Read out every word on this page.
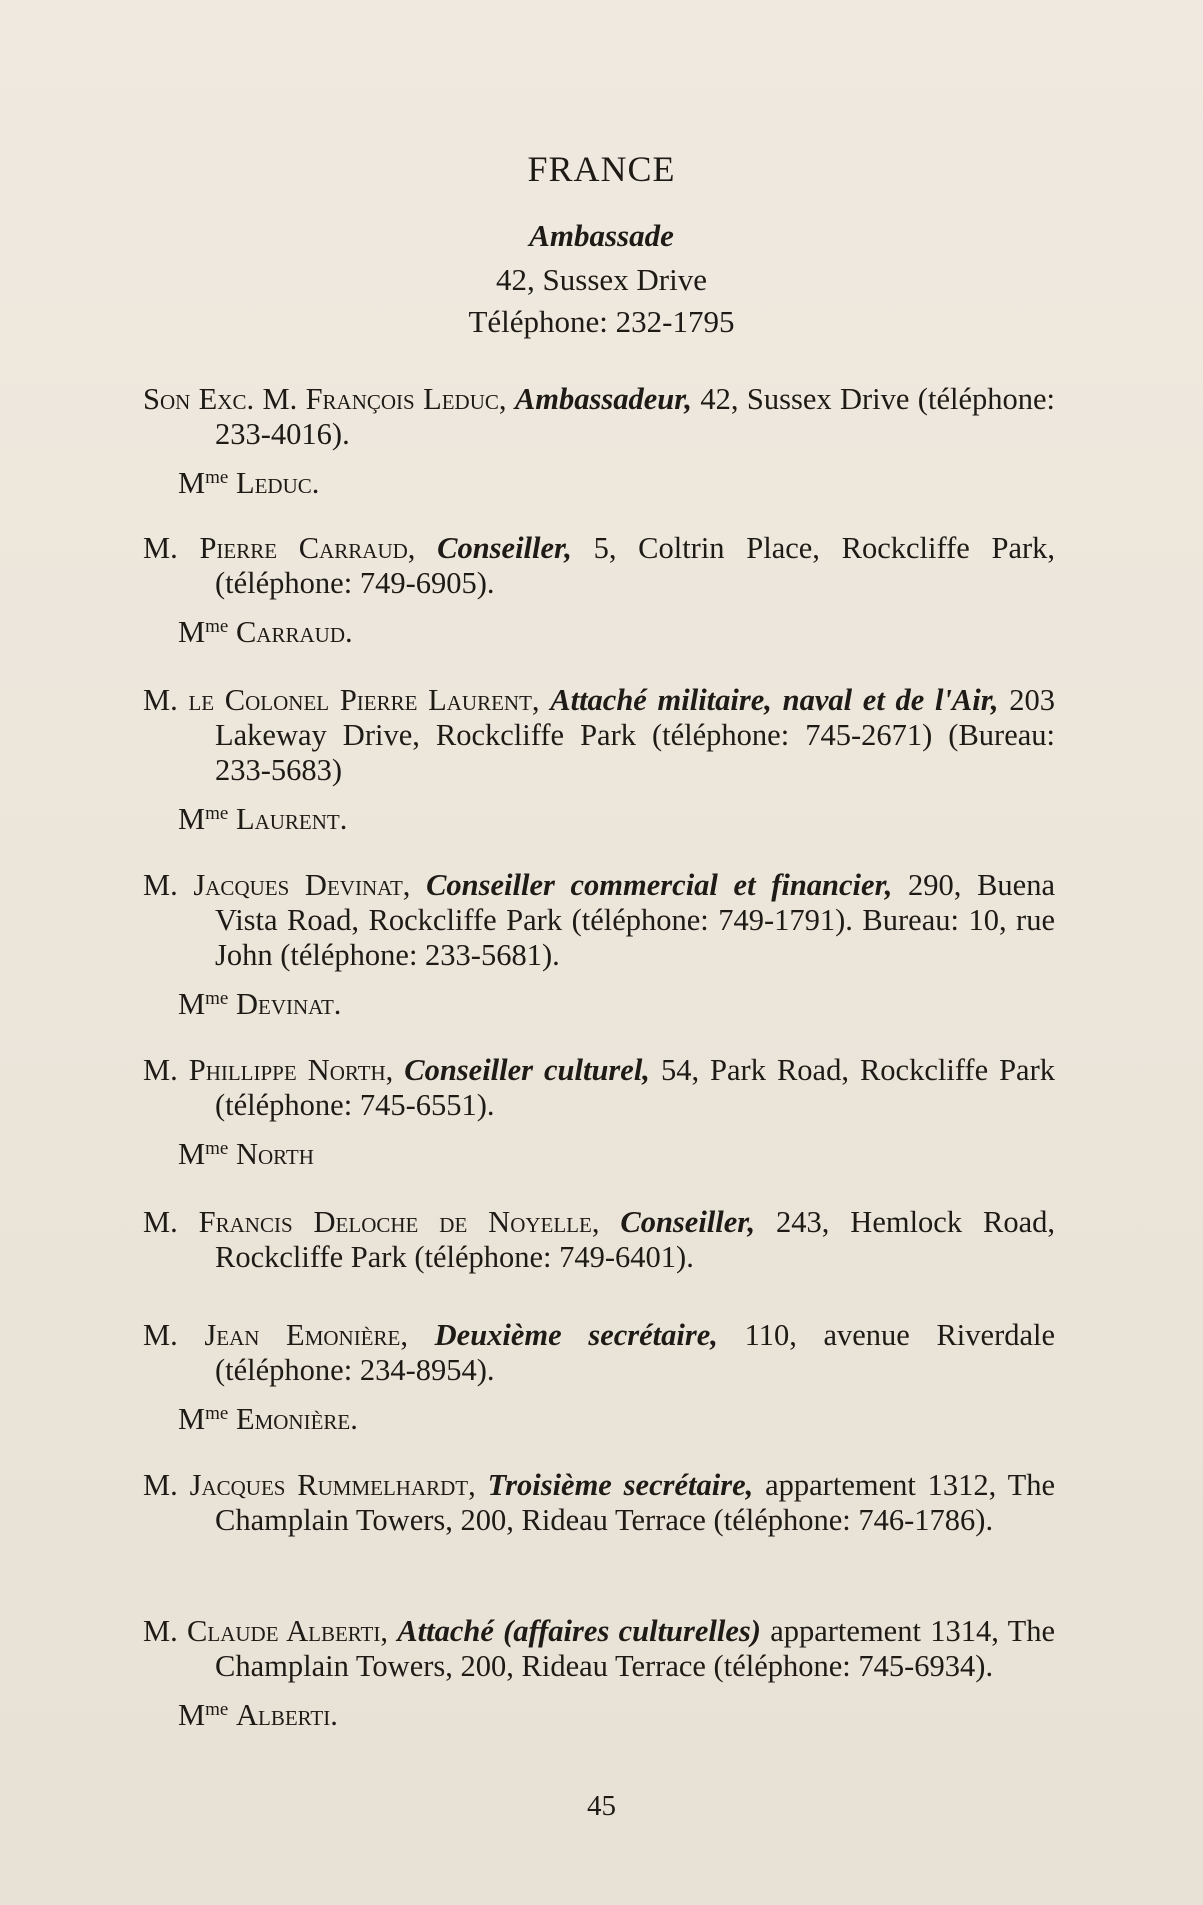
FRANCE
Ambassade
42, Sussex Drive
Téléphone: 232-1795
Son Exc. M. François Leduc, Ambassadeur, 42, Sussex Drive (téléphone: 233-4016).
$M^{me}$ Leduc.
M. Pierre Carraud, Conseiller, 5, Coltrin Place, Rockcliffe Park, (téléphone: 749-6905).
$M^{me}$ Carraud.
M. le Colonel Pierre Laurent, Attaché militaire, naval et de l'Air, 203 Lakeway Drive, Rockcliffe Park (téléphone: 745-2671) (Bureau: 233-5683)
$M^{me}$ Laurent.
M. Jacques Devinat, Conseiller commercial et financier, 290, Buena Vista Road, Rockcliffe Park (téléphone: 749-1791). Bureau: 10, rue John (téléphone: 233-5681).
$M^{me}$ Devinat.
M. Phillippe North, Conseiller culturel, 54, Park Road, Rockcliffe Park (téléphone: 745-6551).
$M^{me}$ North
M. Francis Deloche de Noyelle, Conseiller, 243, Hemlock Road, Rockcliffe Park (téléphone: 749-6401).
M. Jean Emonière, Deuxième secrétaire, 110, avenue Riverdale (téléphone: 234-8954).
$M^{me}$ Emonière.
M. Jacques Rummelhardt, Troisième secrétaire, appartement 1312, The Champlain Towers, 200, Rideau Terrace (téléphone: 746-1786).
M. Claude Alberti, Attaché (affaires culturelles) appartement 1314, The Champlain Towers, 200, Rideau Terrace (téléphone: 745-6934).
$M^{me}$ Alberti.
45
